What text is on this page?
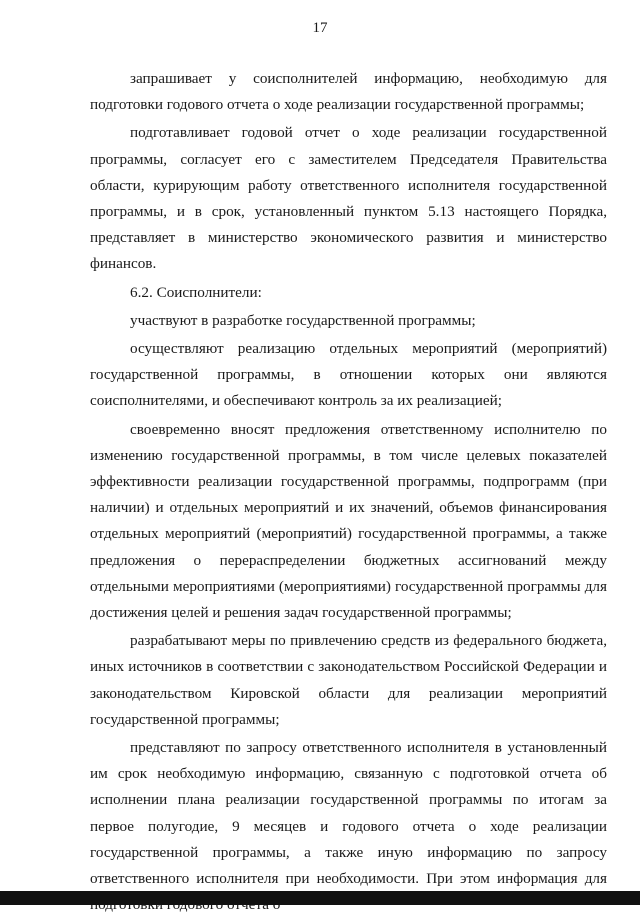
17

запрашивает у соисполнителей информацию, необходимую для подготовки годового отчета о ходе реализации государственной программы;

подготавливает годовой отчет о ходе реализации государственной программы, согласует его с заместителем Председателя Правительства области, курирующим работу ответственного исполнителя государственной программы, и в срок, установленный пунктом 5.13 настоящего Порядка, представляет в министерство экономического развития и министерство финансов.

6.2. Соисполнители:

участвуют в разработке государственной программы;

осуществляют реализацию отдельных мероприятий (мероприятий) государственной программы, в отношении которых они являются соисполнителями, и обеспечивают контроль за их реализацией;

своевременно вносят предложения ответственному исполнителю по изменению государственной программы, в том числе целевых показателей эффективности реализации государственной программы, подпрограмм (при наличии) и отдельных мероприятий и их значений, объемов финансирования отдельных мероприятий (мероприятий) государственной программы, а также предложения о перераспределении бюджетных ассигнований между отдельными мероприятиями (мероприятиями) государственной программы для достижения целей и решения задач государственной программы;

разрабатывают меры по привлечению средств из федерального бюджета, иных источников в соответствии с законодательством Российской Федерации и законодательством Кировской области для реализации мероприятий государственной программы;

представляют по запросу ответственного исполнителя в установленный им срок необходимую информацию, связанную с подготовкой отчета об исполнении плана реализации государственной программы по итогам за первое полугодие, 9 месяцев и годового отчета о ходе реализации государственной программы, а также иную информацию по запросу ответственного исполнителя при необходимости. При этом информация для
